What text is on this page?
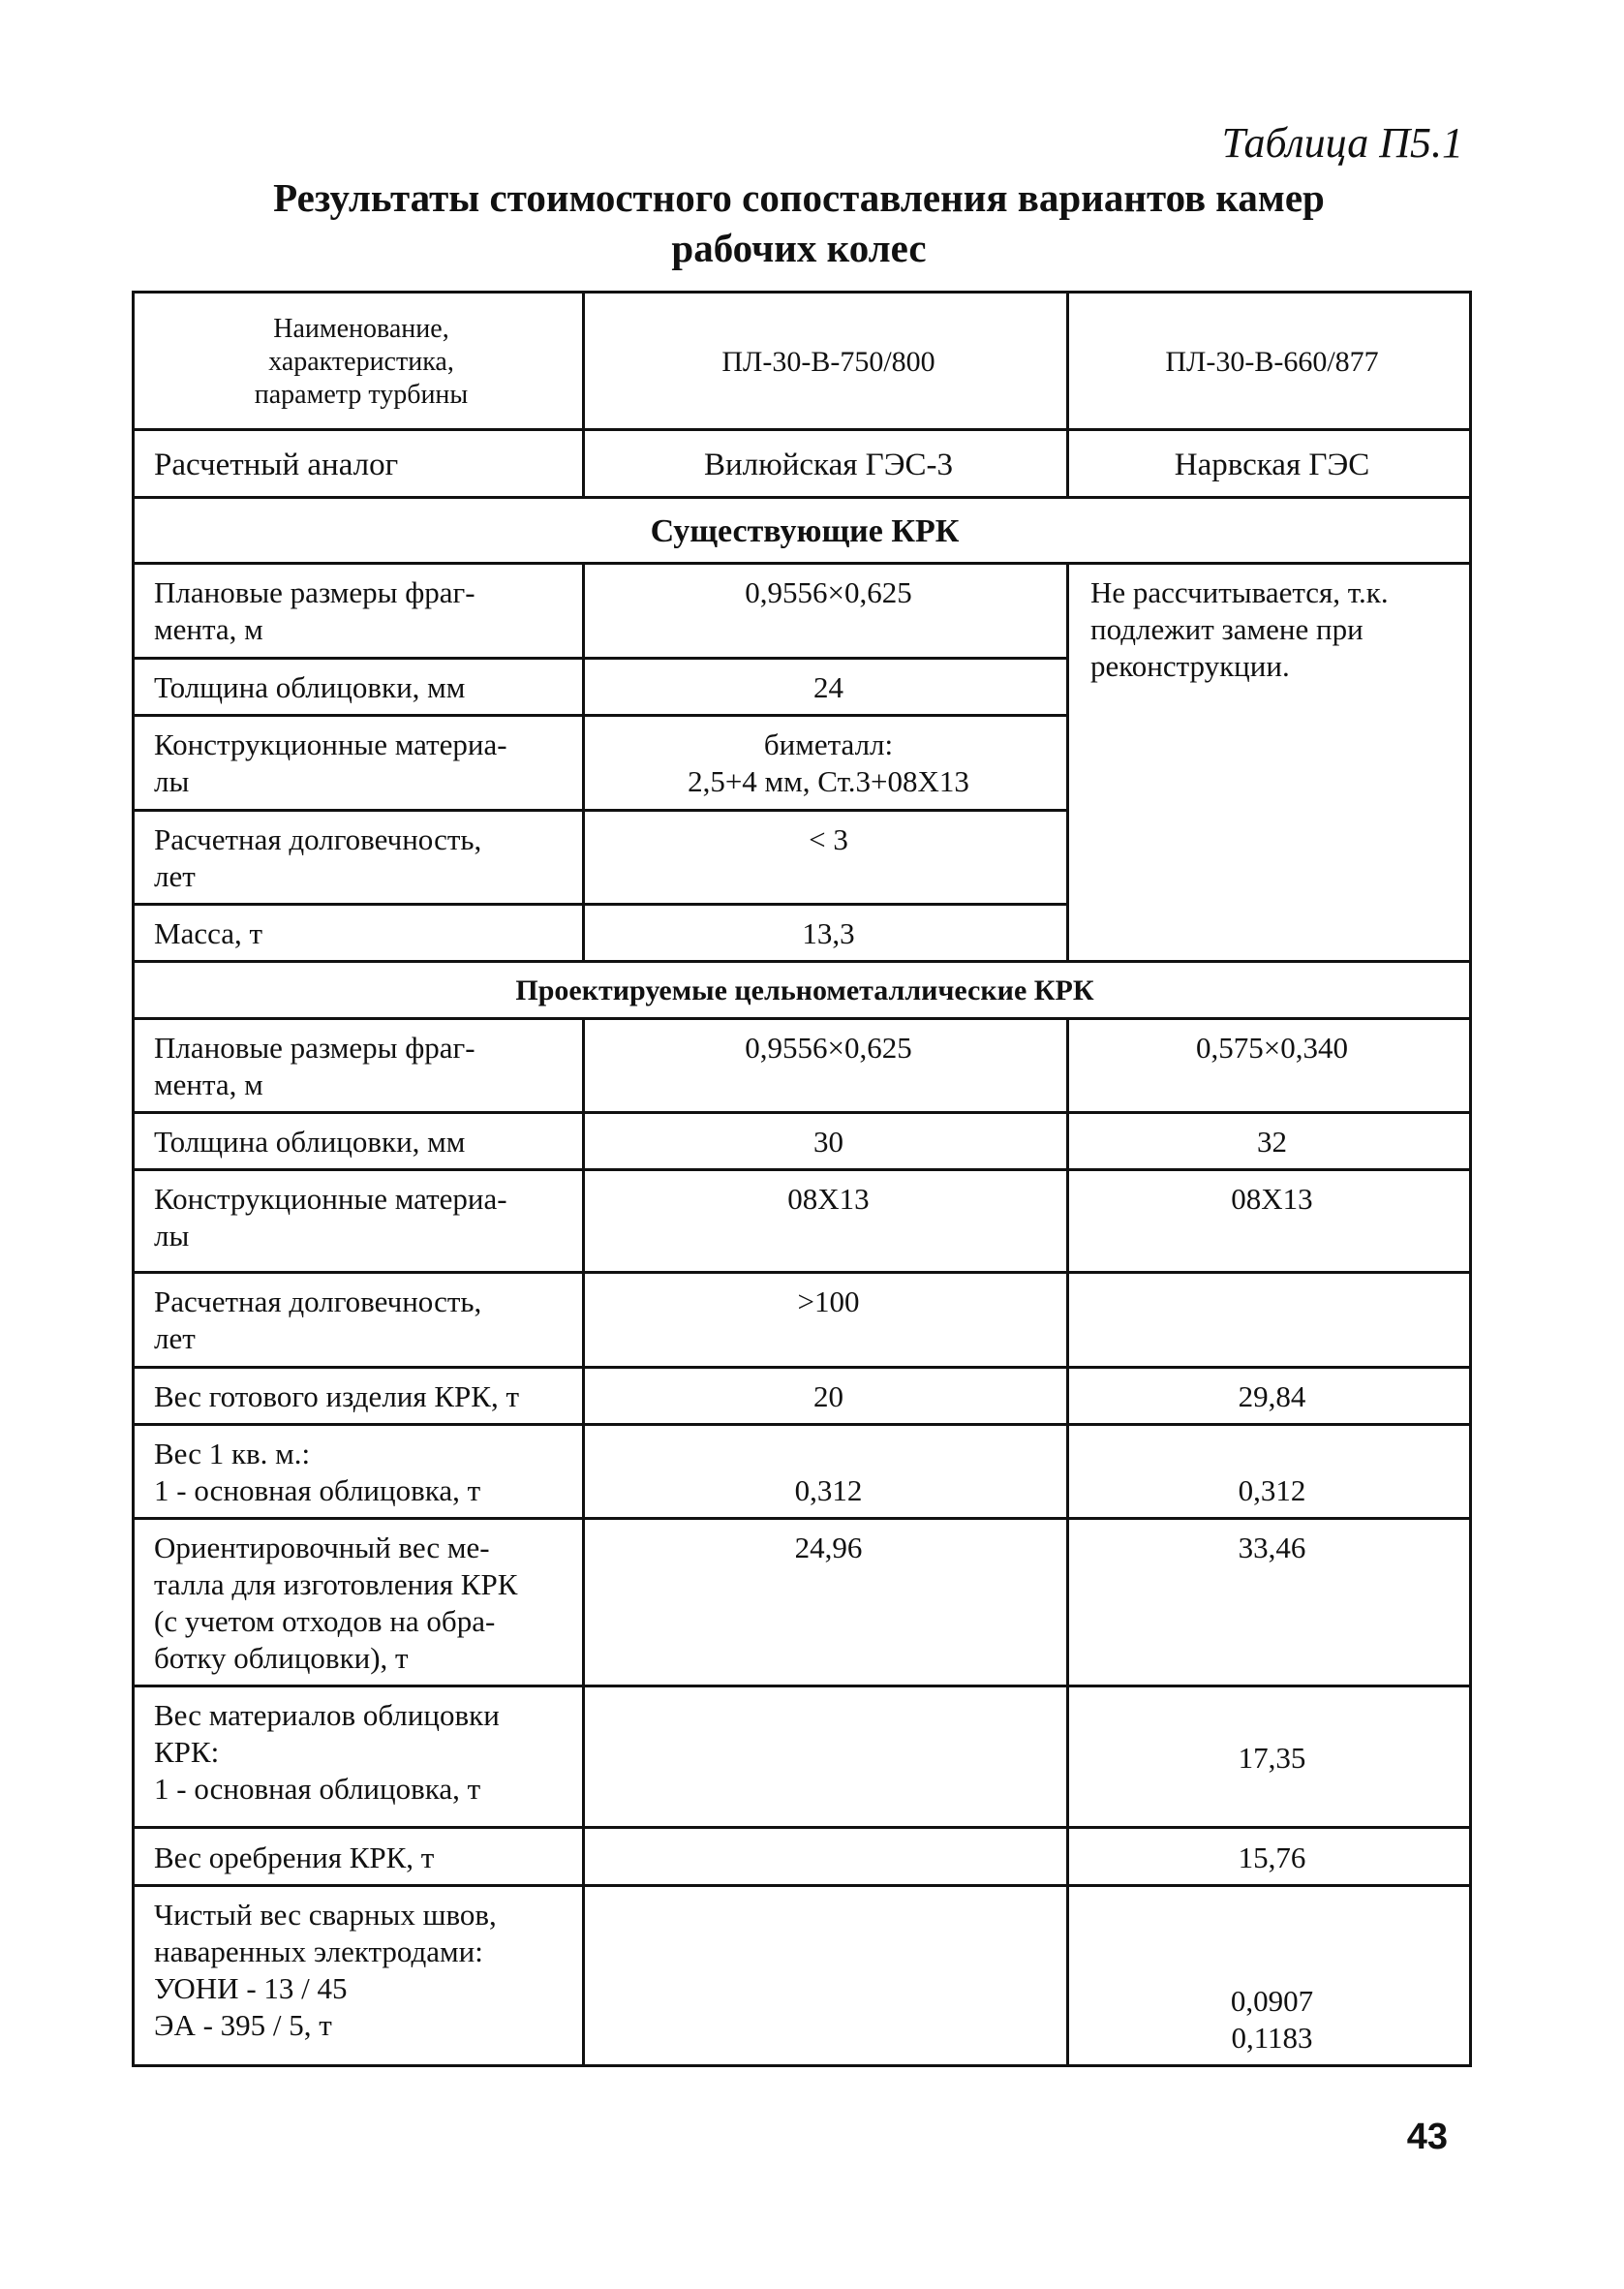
Таблица П5.1
Результаты стоимостного сопоставления вариантов камер
рабочих колес
Наименование,
характеристика,
параметр турбины	ПЛ-30-В-750/800	ПЛ-30-В-660/877
Расчетный аналог	Вилюйская ГЭС-3	Нарвская ГЭС
Существующие КРК		

Плановые размеры фраг-
мента, м	0,9556×0,625	Не рассчитывается, т.к.
подлежит замене при
реконструкции.

Толщина облицовки, мм	24	

Конструкционные материа-
лы	биметалл:
2,5+4 мм, Ст.3+08Х13	

Расчетная долговечность,
лет	< 3	
Масса, т	13,3	
Проектируемые цельнометаллические КРК		

Плановые размеры фраг-
мента, м	0,9556×0,625	0,575×0,340
Толщина облицовки, мм	30	32

Конструкционные материа-
лы	08Х13	08Х13

Расчетная долговечность,
лет	>100	
Вес готового изделия КРК, т	20	29,84

Вес 1 кв. м.:
1 - основная облицовка, т	0,312	0,312

Ориентировочный вес ме-
талла для изготовления КРК
(с учетом отходов на обра-
ботку облицовки), т	24,96	33,46

Вес материалов облицовки
КРК:
1 - основная облицовка, т		17,35
Вес оребрения КРК, т		15,76

Чистый вес сварных швов,
наваренных электродами:
УОНИ - 13 / 45
ЭА - 395 / 5, т		0,0907
0,1183
43
